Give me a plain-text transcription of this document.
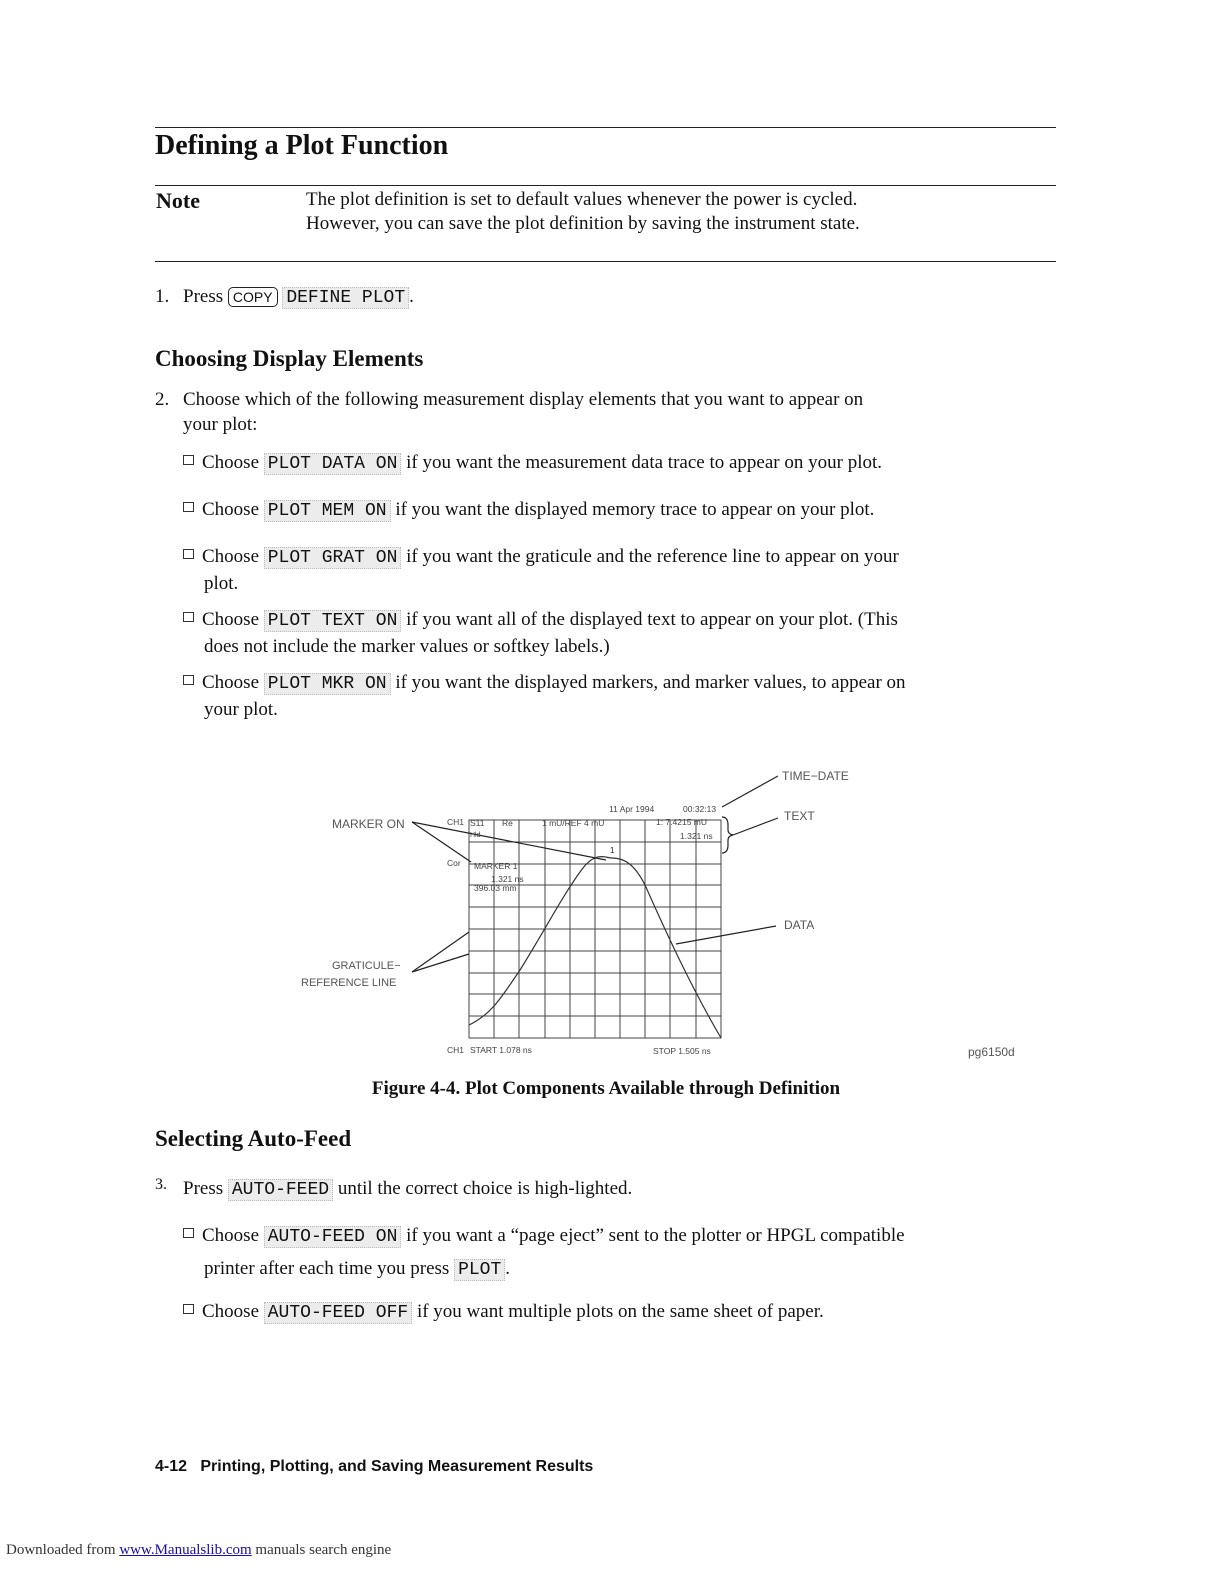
Defining a Plot Function
Note	The plot definition is set to default values whenever the power is cycled.
However, you can save the plot definition by saving the instrument state.
1. Press COPY DEFINE PLOT .
Choosing Display Elements
2. Choose which of the following measurement display elements that you want to appear on
your plot:
Choose PLOT DATA ON if you want the measurement data trace to appear on your plot.
Choose PLOT MEM ON if you want the displayed memory trace to appear on your plot.
Choose PLOT GRAT ON if you want the graticule and the reference line to appear on your
plot.
Choose PLOT TEXT ON if you want all of the displayed text to appear on your plot. (This
does not include the marker values or softkey labels.)
Choose PLOT MKR ON if you want the displayed markers, and marker values, to appear on
your plot.
1
TIME−DATE
TEXT
DATA
MARKER ON
GRATICULE−
REFERENCE LINE
pg6150d
11 Apr 1994	00:32:13
CH1 S11 Re	1 mU/REF 4 mU	1: 7.4215 mU
1.321 ns
Hld
Cor MARKER 1
1.321 ns
396.03 mm
CH1 START 1.078 ns	STOP 1.505 ns
Figure 4-4. Plot Components Available through Definition
Selecting Auto-Feed
3. Press AUTO-FEED until the correct choice is high-lighted.
Choose AUTO-FEED ON if you want a “page eject” sent to the plotter or HPGL compatible
printer after each time you press PLOT .
Choose AUTO-FEED OFF if you want multiple plots on the same sheet of paper.
4-12 Printing, Plotting, and Saving Measurement Results
Downloaded from www.Manualslib.com manuals search engine
